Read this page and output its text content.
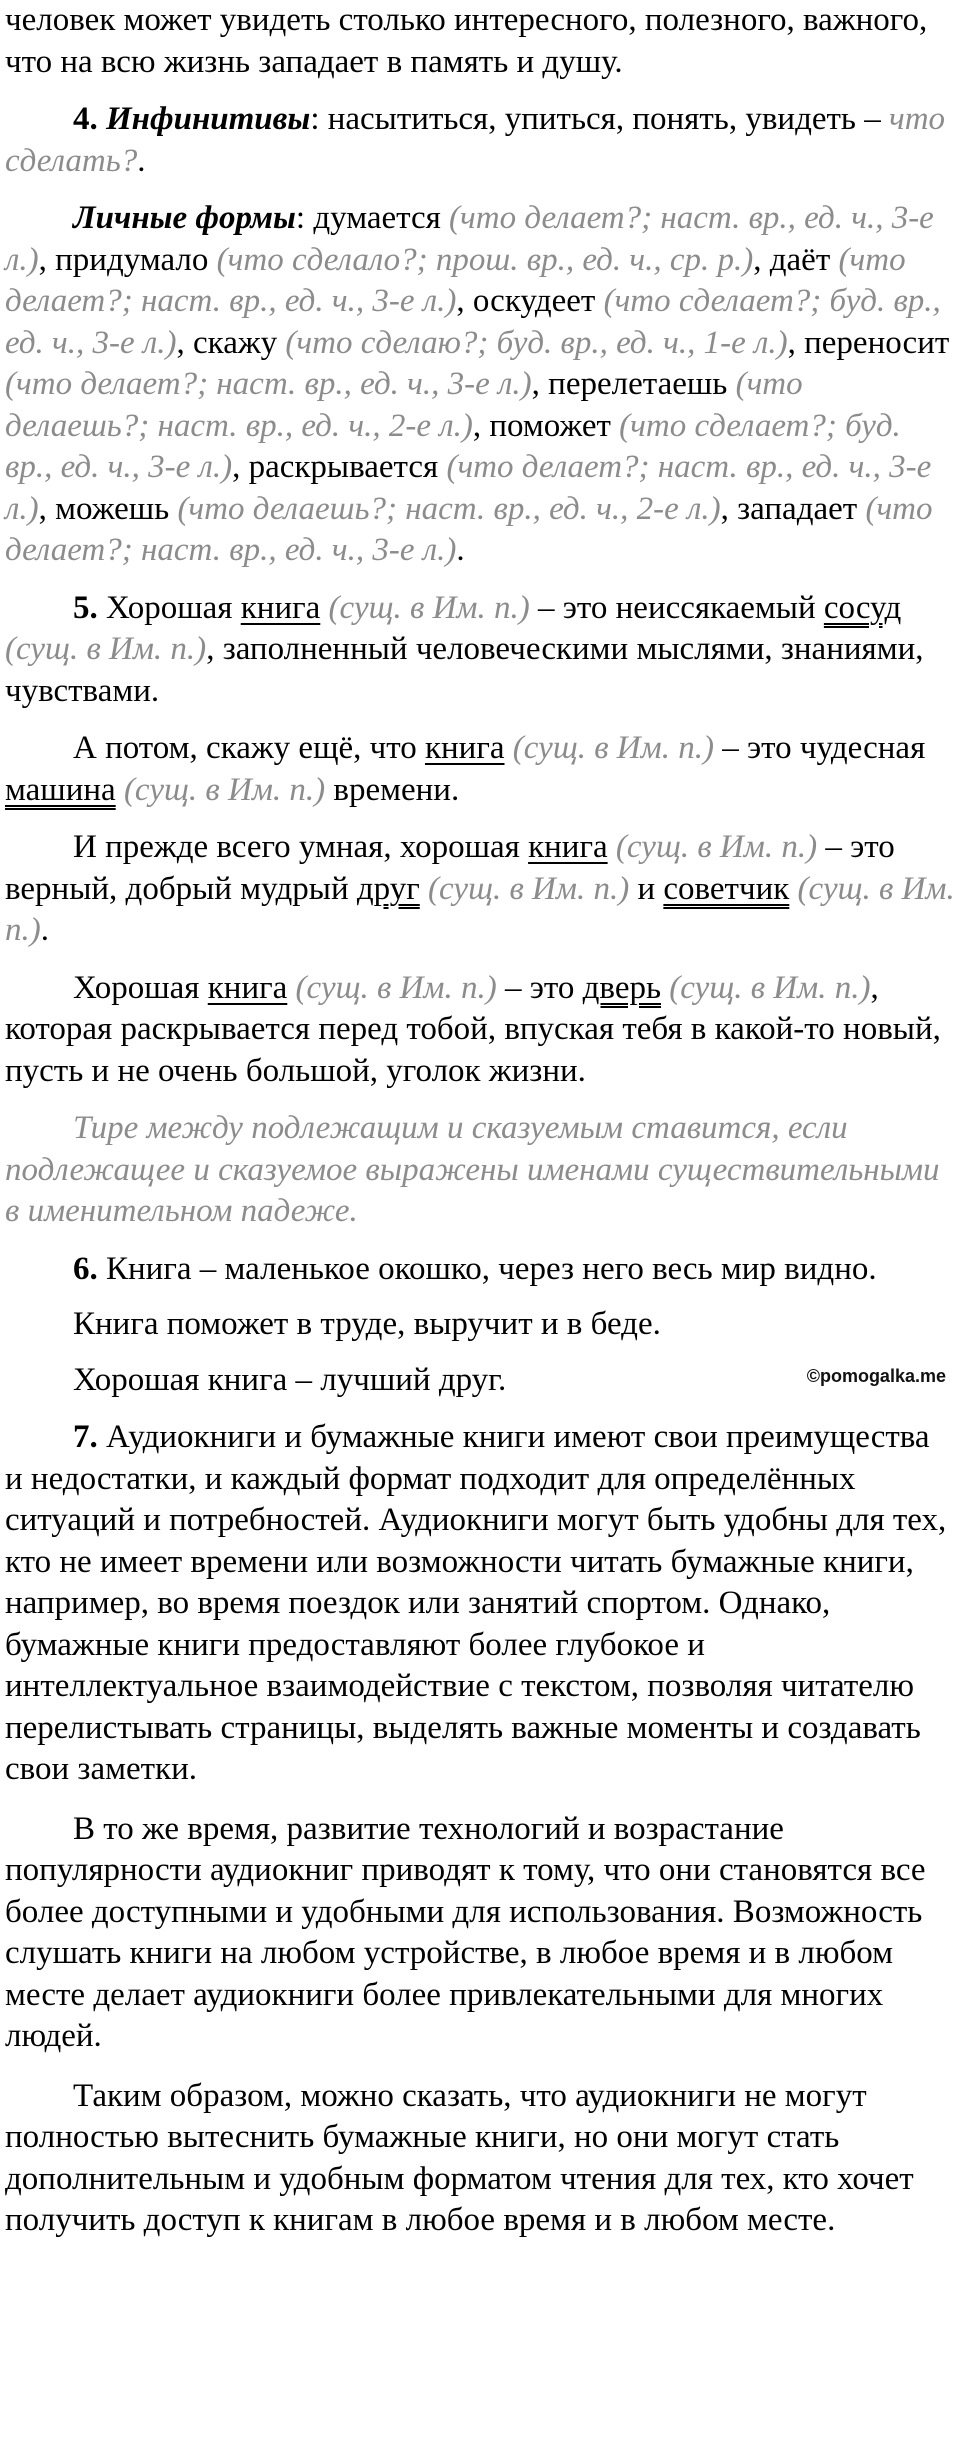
человек может увидеть столько интересного, полезного, важного, что на всю жизнь западает в память и душу.

4. Инфинитивы: насытиться, упиться, понять, увидеть – что сделать?.

Личные формы: думается (что делает?; наст. вр., ед. ч., 3-е л.), придумало (что сделало?; прош. вр., ед. ч., ср. р.), даёт (что делает?; наст. вр., ед. ч., 3-е л.), оскудеет (что сделает?; буд. вр., ед. ч., 3-е л.), скажу (что сделаю?; буд. вр., ед. ч., 1-е л.), переносит (что делает?; наст. вр., ед. ч., 3-е л.), перелетаешь (что делаешь?; наст. вр., ед. ч., 2-е л.), поможет (что сделает?; буд. вр., ед. ч., 3-е л.), раскрывается (что делает?; наст. вр., ед. ч., 3-е л.), можешь (что делаешь?; наст. вр., ед. ч., 2-е л.), западает (что делает?; наст. вр., ед. ч., 3-е л.).

5. Хорошая книга (сущ. в Им. п.) – это неиссякаемый сосуд (сущ. в Им. п.), заполненный человеческими мыслями, знаниями, чувствами.

А потом, скажу ещё, что книга (сущ. в Им. п.) – это чудесная машина (сущ. в Им. п.) времени.

И прежде всего умная, хорошая книга (сущ. в Им. п.) – это верный, добрый мудрый друг (сущ. в Им. п.) и советчик (сущ. в Им. п.).

Хорошая книга (сущ. в Им. п.) – это дверь (сущ. в Им. п.), которая раскрывается перед тобой, впуская тебя в какой-то новый, пусть и не очень большой, уголок жизни.

Тире между подлежащим и сказуемым ставится, если подлежащее и сказуемое выражены именами существительными в именительном падеже.

6. Книга – маленькое окошко, через него весь мир видно.

Книга поможет в труде, выручит и в беде.

Хорошая книга – лучший друг.

7. Аудиокниги и бумажные книги имеют свои преимущества и недостатки, и каждый формат подходит для определённых ситуаций и потребностей. Аудиокниги могут быть удобны для тех, кто не имеет времени или возможности читать бумажные книги, например, во время поездок или занятий спортом. Однако, бумажные книги предоставляют более глубокое и интеллектуальное взаимодействие с текстом, позволяя читателю перелистывать страницы, выделять важные моменты и создавать свои заметки.

В то же время, развитие технологий и возрастание популярности аудиокниг приводят к тому, что они становятся все более доступными и удобными для использования. Возможность слушать книги на любом устройстве, в любое время и в любом месте делает аудиокниги более привлекательными для многих людей.

Таким образом, можно сказать, что аудиокниги не могут полностью вытеснить бумажные книги, но они могут стать дополнительным и удобным форматом чтения для тех, кто хочет получить доступ к книгам в любое время и в любом месте.

©pomogalka.me
